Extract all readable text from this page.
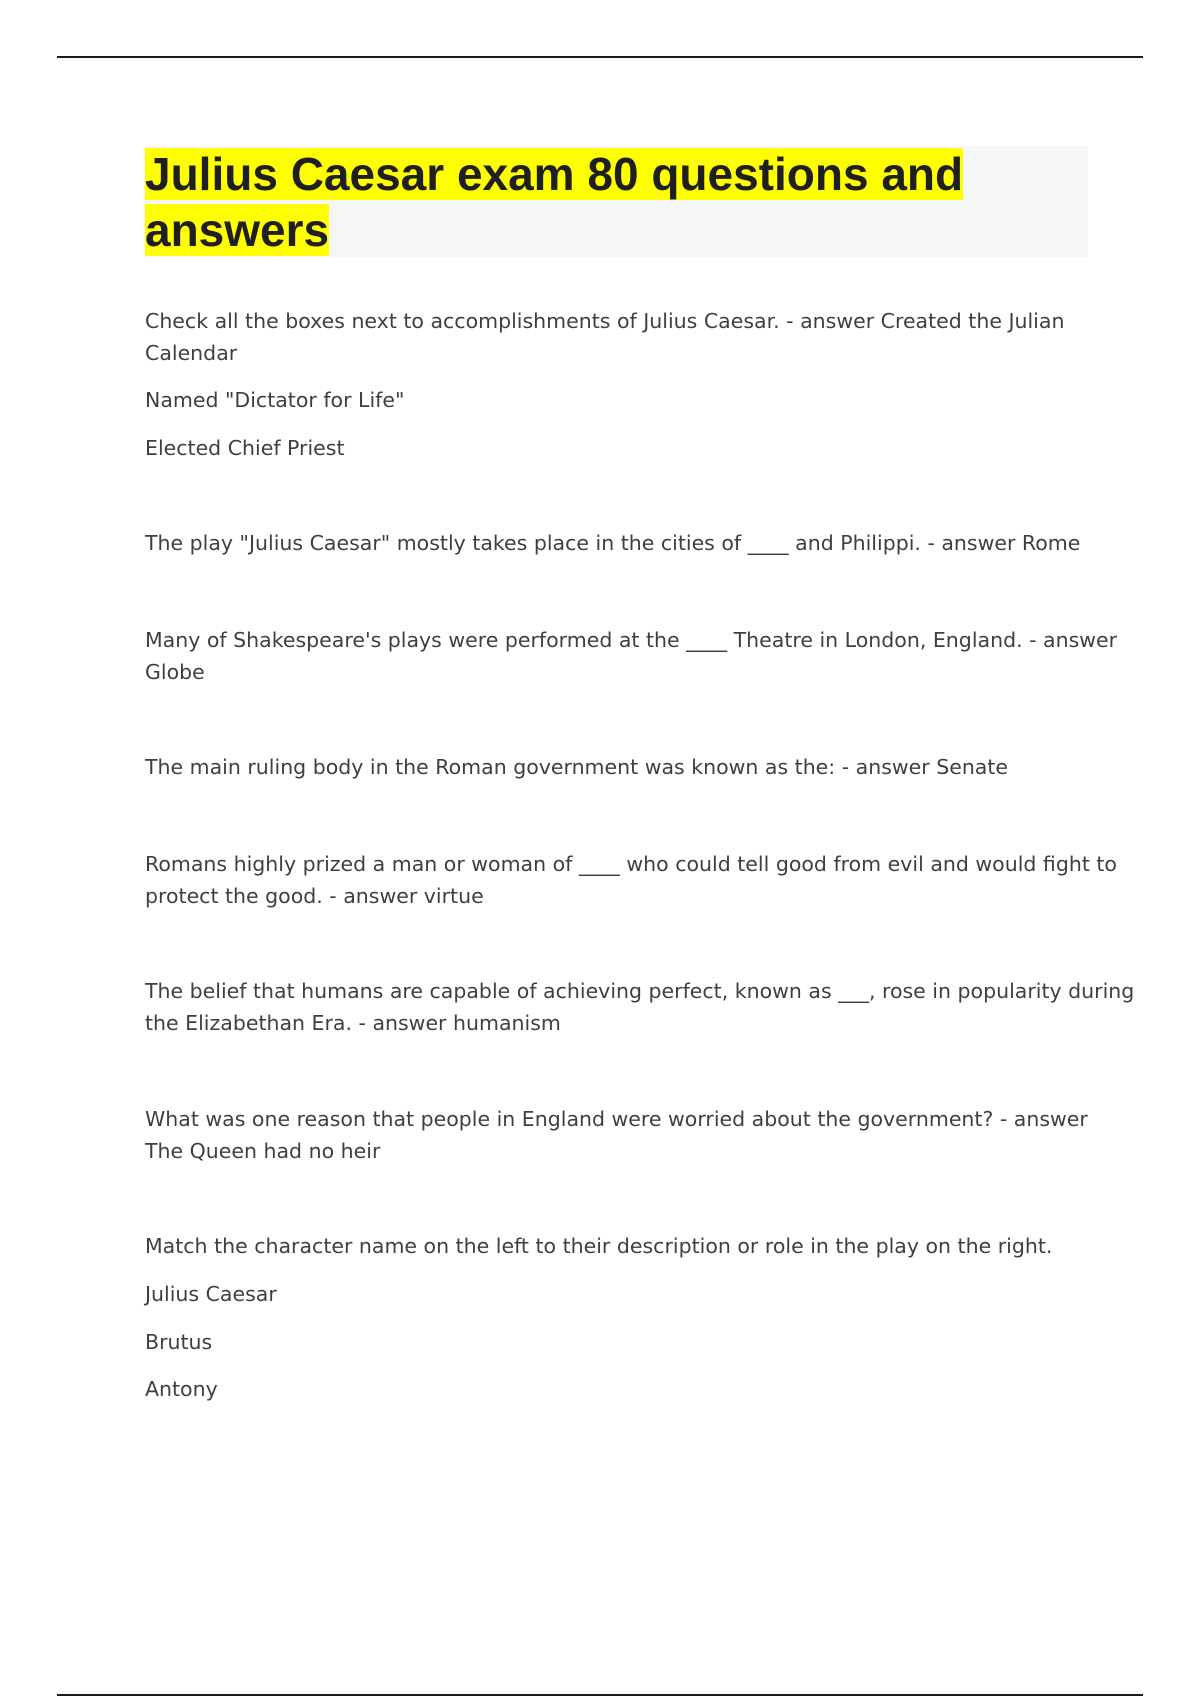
Julius Caesar exam 80 questions and answers

Check all the boxes next to accomplishments of Julius Caesar. - answer Created the Julian

Calendar

Named "Dictator for Life"

Elected Chief Priest

The play "Julius Caesar" mostly takes place in the cities of ____ and Philippi. - answer Rome

Many of Shakespeare's plays were performed at the ____ Theatre in London, England. - answer

Globe

The main ruling body in the Roman government was known as the: - answer Senate

Romans highly prized a man or woman of ____ who could tell good from evil and would fight to

protect the good. - answer virtue

The belief that humans are capable of achieving perfect, known as ___, rose in popularity during

the Elizabethan Era. - answer humanism

What was one reason that people in England were worried about the government? - answer

The Queen had no heir

Match the character name on the left to their description or role in the play on the right.

Julius Caesar

Brutus

Antony
